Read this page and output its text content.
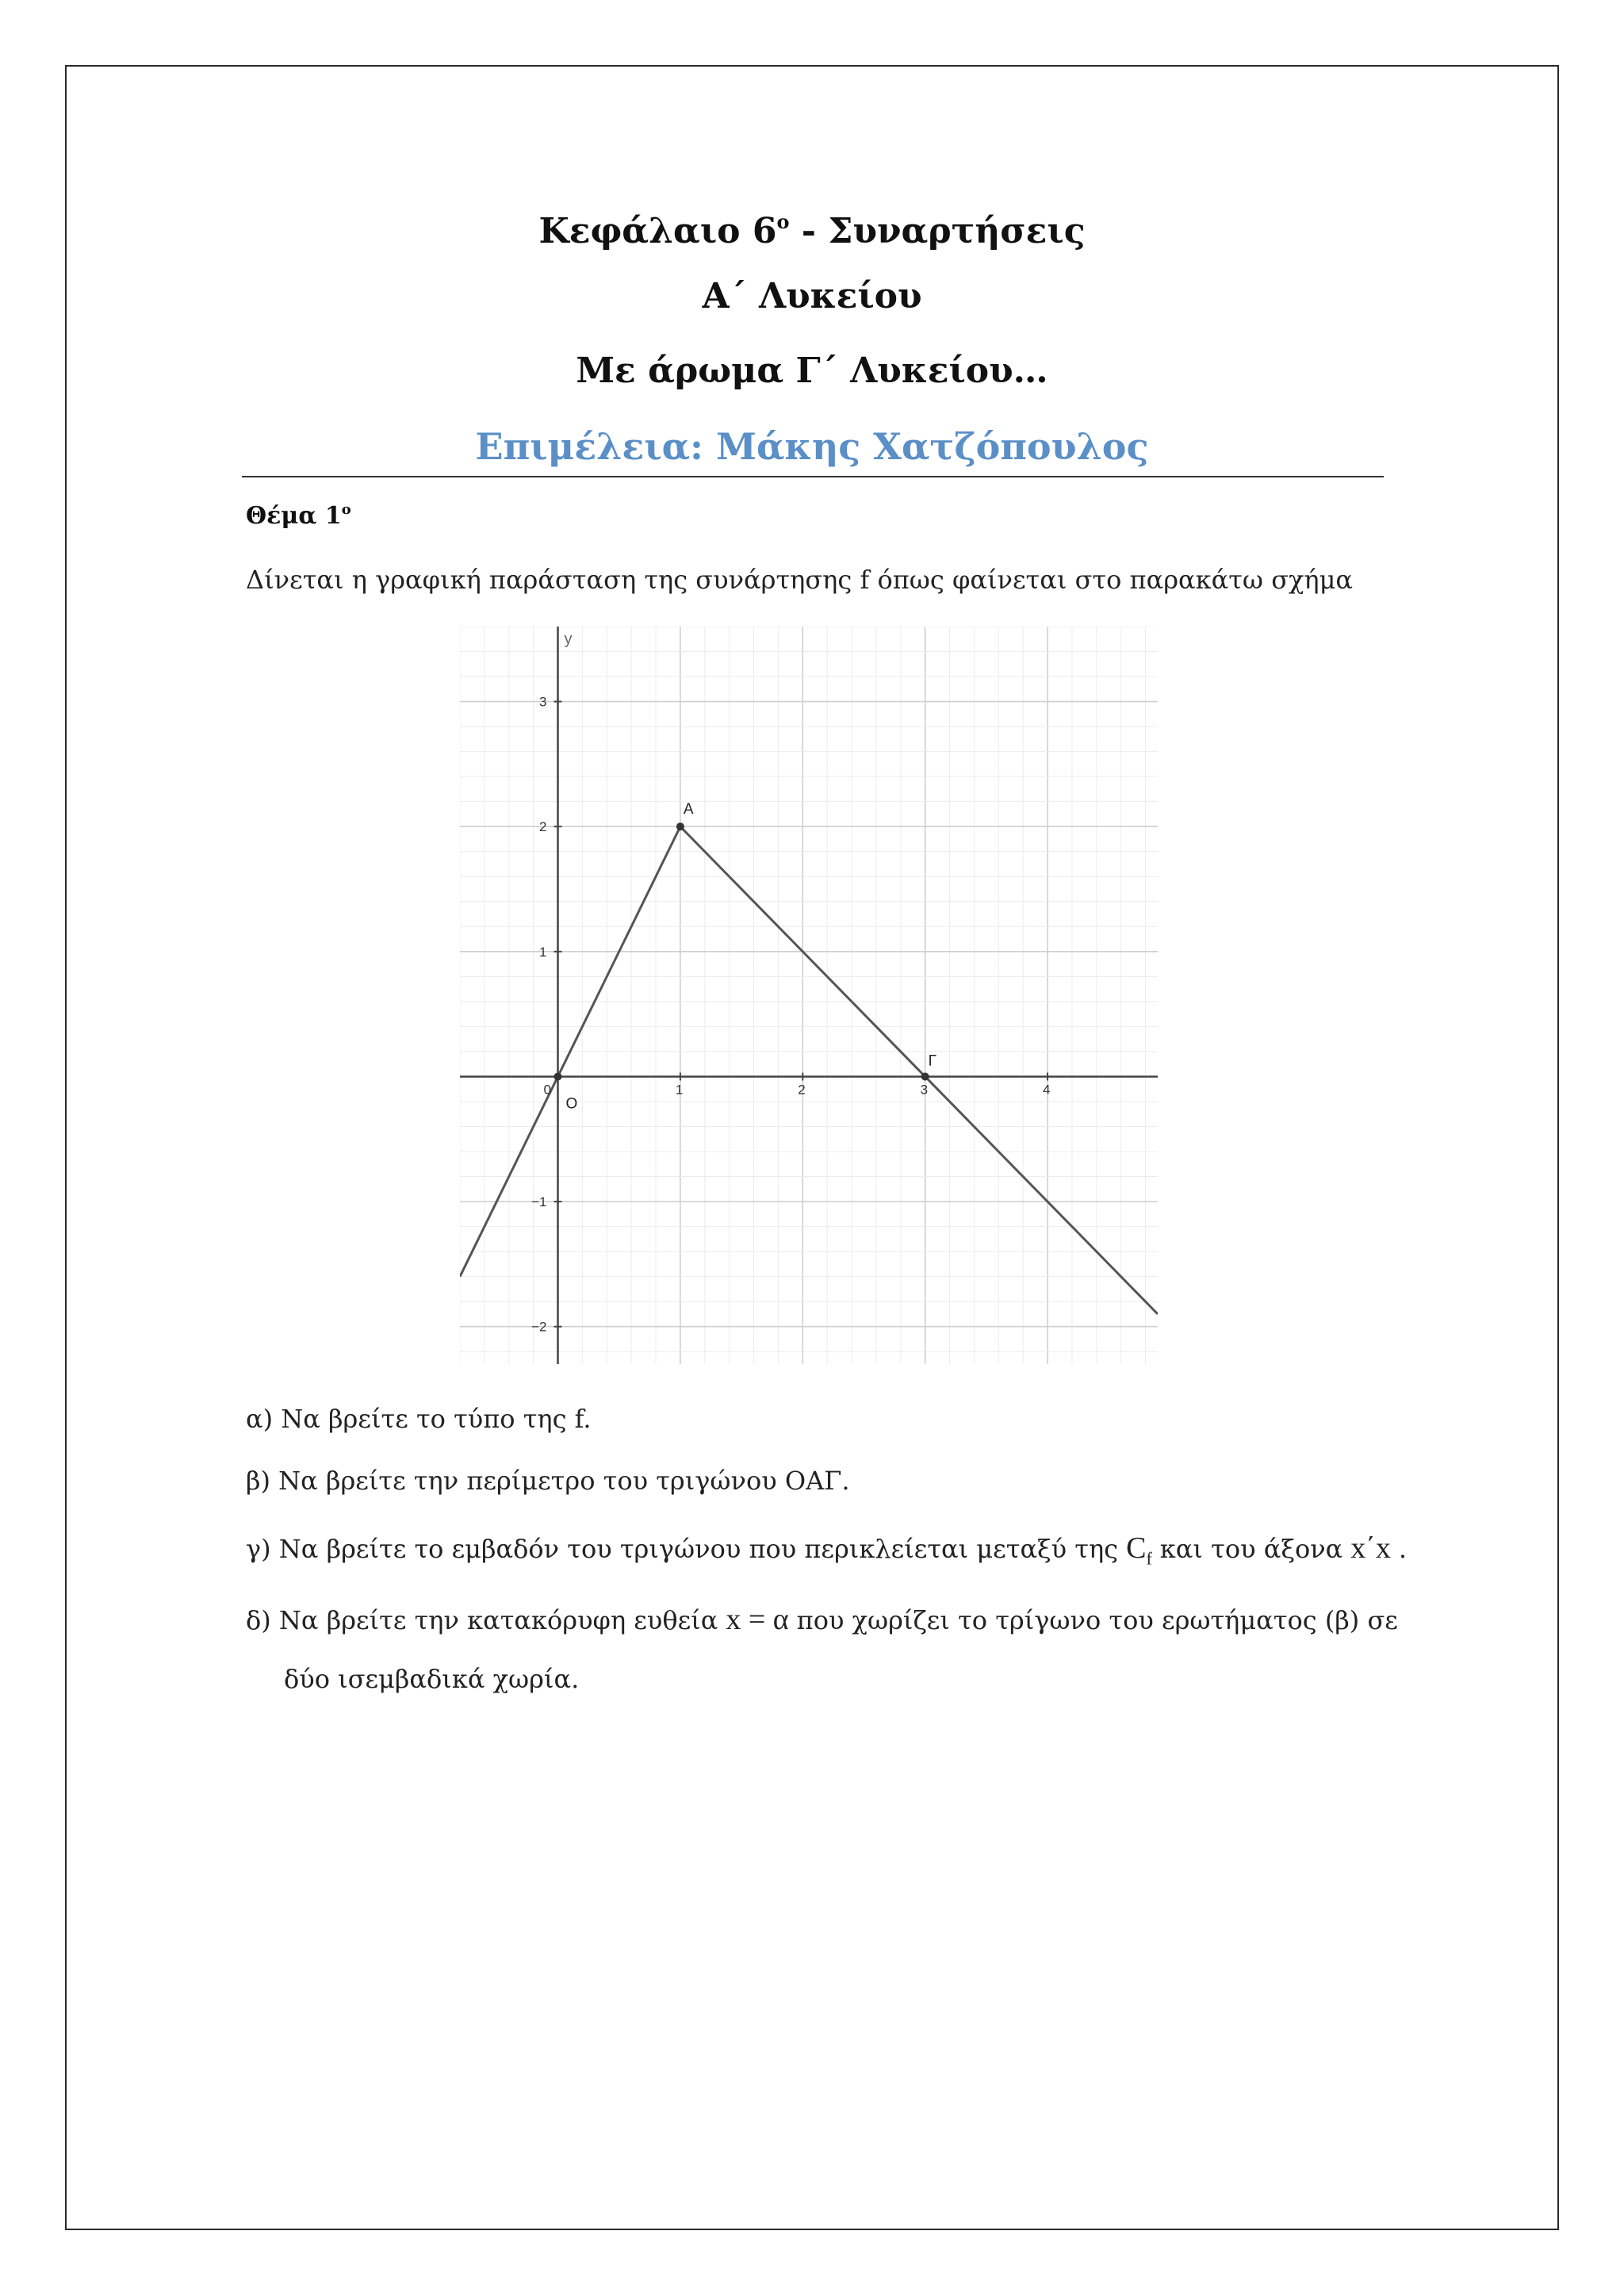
Κεφάλαιο $6^o$ - Συναρτήσεις
Α΄ Λυκείου
Με άρωμα Γ΄ Λυκείου…
Επιμέλεια: Μάκης Χατζόπουλος
Θέμα $1^o$
Δίνεται η γραφική παράσταση της συνάρτησης f όπως φαίνεται στο παρακάτω σχήμα
y
0	1	2	3	4
3
2
1
−1
−2
O
A
Γ
α) Να βρείτε το τύπο της f.
β) Να βρείτε την περίμετρο του τριγώνου ΟΑΓ.
γ) Να βρείτε το εμβαδόν του τριγώνου που περικλείεται μεταξύ της $C_f$ και του άξονα x΄x .
δ) Να βρείτε την κατακόρυφη ευθεία x = α που χωρίζει το τρίγωνο του ερωτήματος (β) σε
δύο ισεμβαδικά χωρία.
